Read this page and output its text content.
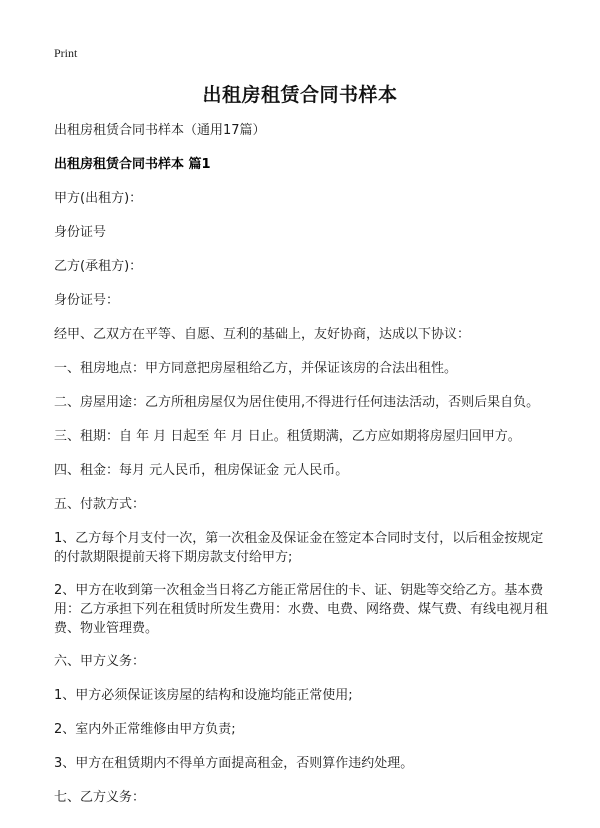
Print
出租房租赁合同书样本

出租房租赁合同书样本（通用17篇）

出租房租赁合同书样本 篇1

甲方(出租方)：

身份证号

乙方(承租方)：

身份证号：

经甲、乙双方在平等、自愿、互利的基础上，友好协商，达成以下协议：

一、租房地点：甲方同意把房屋租给乙方，并保证该房的合法出租性。

二、房屋用途：乙方所租房屋仅为居住使用,不得进行任何违法活动，否则后果自负。

三、租期：自 年 月 日起至 年 月 日止。租赁期满，乙方应如期将房屋归回甲方。

四、租金：每月 元人民币，租房保证金 元人民币。

五、付款方式：

1、乙方每个月支付一次，第一次租金及保证金在签定本合同时支付，以后租金按规定的付款期限提前天将下期房款支付给甲方;

2、甲方在收到第一次租金当日将乙方能正常居住的卡、证、钥匙等交给乙方。基本费用：乙方承担下列在租赁时所发生费用：水费、电费、网络费、煤气费、有线电视月租费、物业管理费。

六、甲方义务：

1、甲方必须保证该房屋的结构和设施均能正常使用;

2、室内外正常维修由甲方负责;

3、甲方在租赁期内不得单方面提高租金，否则算作违约处理。

七、乙方义务：
